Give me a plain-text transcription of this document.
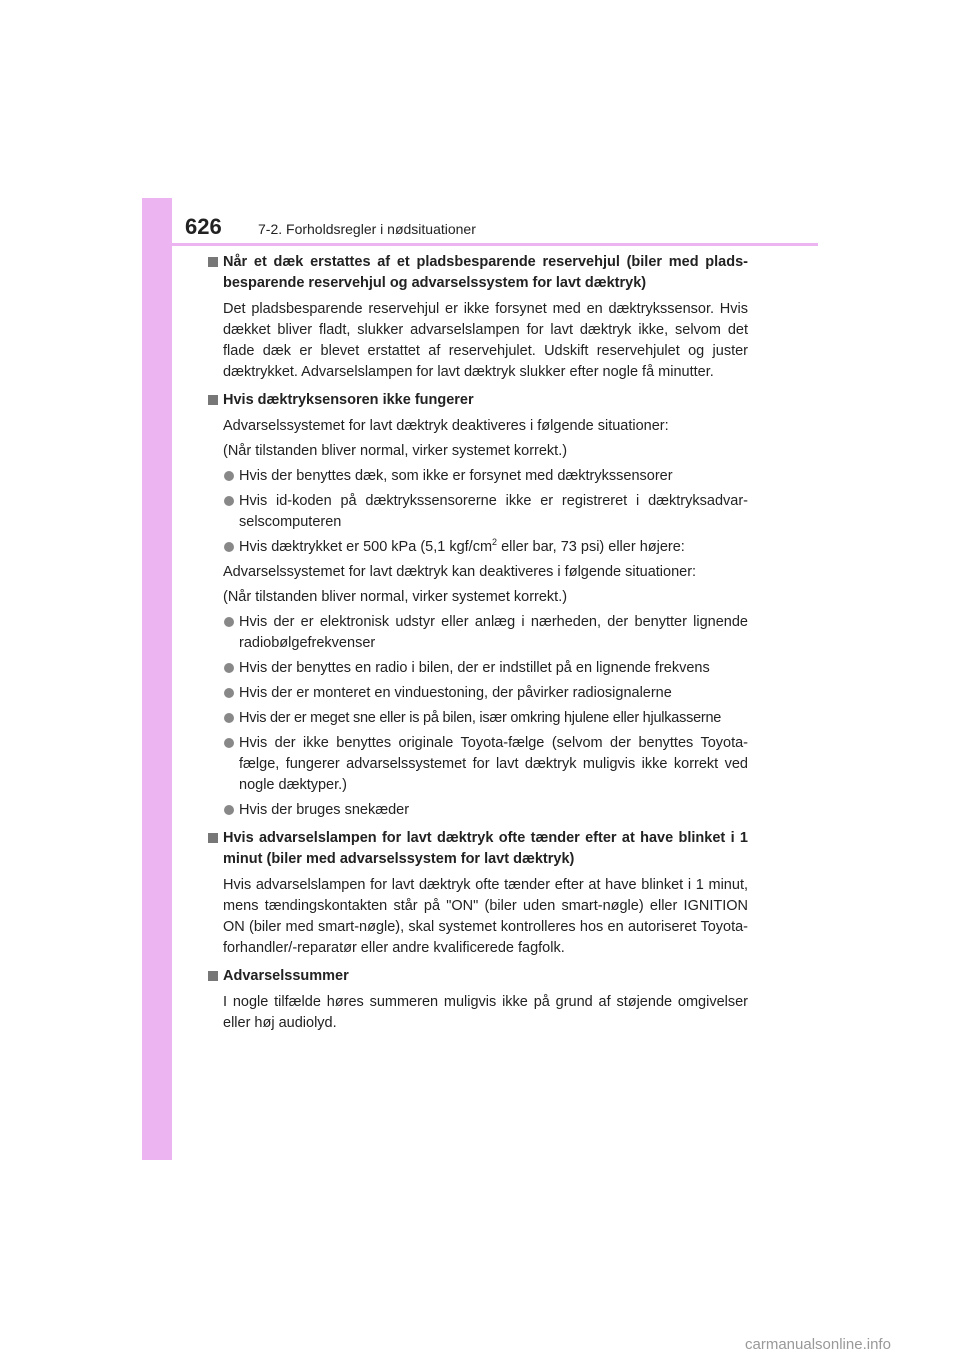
626	7-2. Forholdsregler i nødsituationer
Når et dæk erstattes af et pladsbesparende reservehjul (biler med plads-besparende reservehjul og advarselssystem for lavt dæktryk)

Det pladsbesparende reservehjul er ikke forsynet med en dæktrykssensor. Hvis dækket bliver fladt, slukker advarselslampen for lavt dæktryk ikke, selvom det flade dæk er blevet erstattet af reservehjulet. Udskift reservehjulet og juster dæktrykket. Advarselslampen for lavt dæktryk slukker efter nogle få minutter.

Hvis dæktryksensoren ikke fungerer

Advarselssystemet for lavt dæktryk deaktiveres i følgende situationer:

(Når tilstanden bliver normal, virker systemet korrekt.)

Hvis der benyttes dæk, som ikke er forsynet med dæktrykssensorer
Hvis id-koden på dæktrykssensorerne ikke er registreret i dæktryksadvar-selscomputeren
Hvis dæktrykket er 500 kPa (5,1 kgf/$cm^2$ eller bar, 73 psi) eller højere:

Advarselssystemet for lavt dæktryk kan deaktiveres i følgende situationer:

(Når tilstanden bliver normal, virker systemet korrekt.)

Hvis der er elektronisk udstyr eller anlæg i nærheden, der benytter lignende radiobølgefrekvenser
Hvis der benyttes en radio i bilen, der er indstillet på en lignende frekvens
Hvis der er monteret en vinduestoning, der påvirker radiosignalerne
Hvis der er meget sne eller is på bilen, især omkring hjulene eller hjulkasserne
Hvis der ikke benyttes originale Toyota-fælge (selvom der benyttes Toyota-fælge, fungerer advarselssystemet for lavt dæktryk muligvis ikke korrekt ved nogle dæktyper.)
Hvis der bruges snekæder
Hvis advarselslampen for lavt dæktryk ofte tænder efter at have blinket i 1 minut (biler med advarselssystem for lavt dæktryk)

Hvis advarselslampen for lavt dæktryk ofte tænder efter at have blinket i 1 minut, mens tændingskontakten står på "ON" (biler uden smart-nøgle) eller IGNITION ON (biler med smart-nøgle), skal systemet kontrolleres hos en autoriseret Toyota-forhandler/-reparatør eller andre kvalificerede fagfolk.

Advarselssummer

I nogle tilfælde høres summeren muligvis ikke på grund af støjende omgivelser eller høj audiolyd.

carmanualsonline.info
